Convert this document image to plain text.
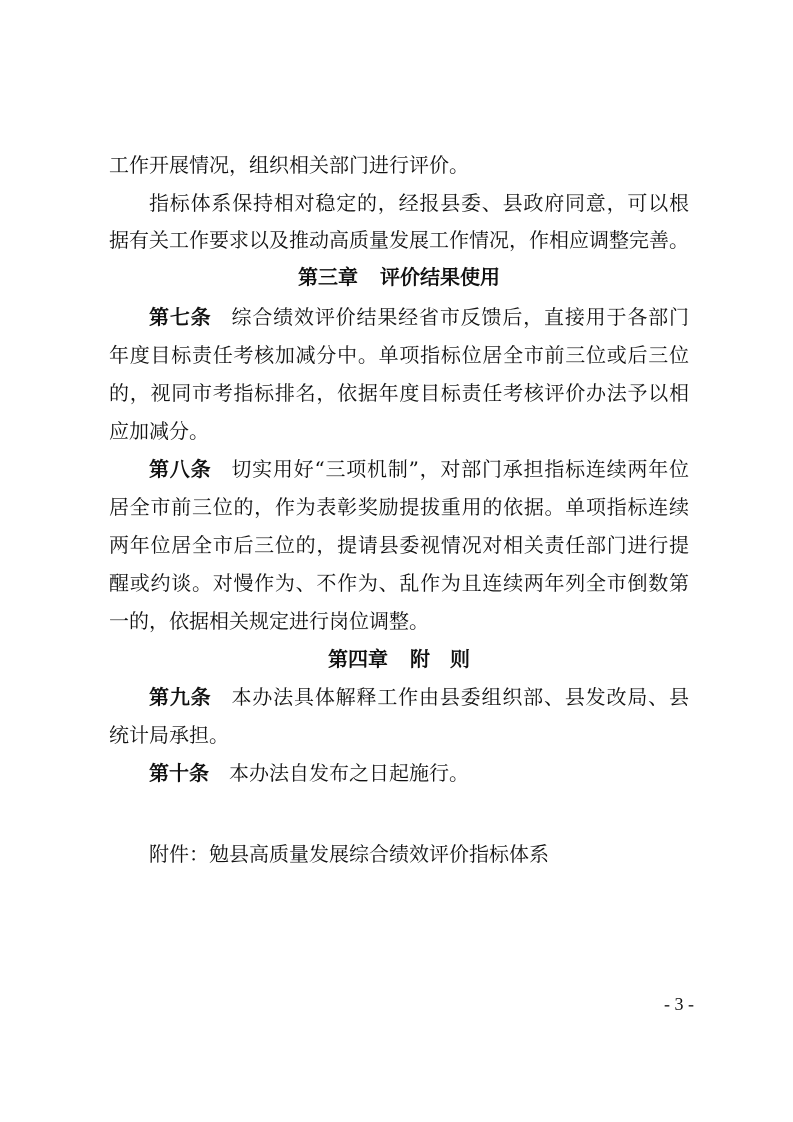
工作开展情况，组织相关部门进行评价。
指标体系保持相对稳定的，经报县委、县政府同意，可以根
据有关工作要求以及推动高质量发展工作情况，作相应调整完善。
第三章 评价结果使用
第七条 综合绩效评价结果经省市反馈后，直接用于各部门
年度目标责任考核加减分中。单项指标位居全市前三位或后三位
的，视同市考指标排名，依据年度目标责任考核评价办法予以相
应加减分。
第八条 切实用好“三项机制”，对部门承担指标连续两年位
居全市前三位的，作为表彰奖励提拔重用的依据。单项指标连续
两年位居全市后三位的，提请县委视情况对相关责任部门进行提
醒或约谈。对慢作为、不作为、乱作为且连续两年列全市倒数第
一的，依据相关规定进行岗位调整。
第四章 附　则
第九条 本办法具体解释工作由县委组织部、县发改局、县
统计局承担。
第十条 本办法自发布之日起施行。
附件：勉县高质量发展综合绩效评价指标体系
- 3 -
